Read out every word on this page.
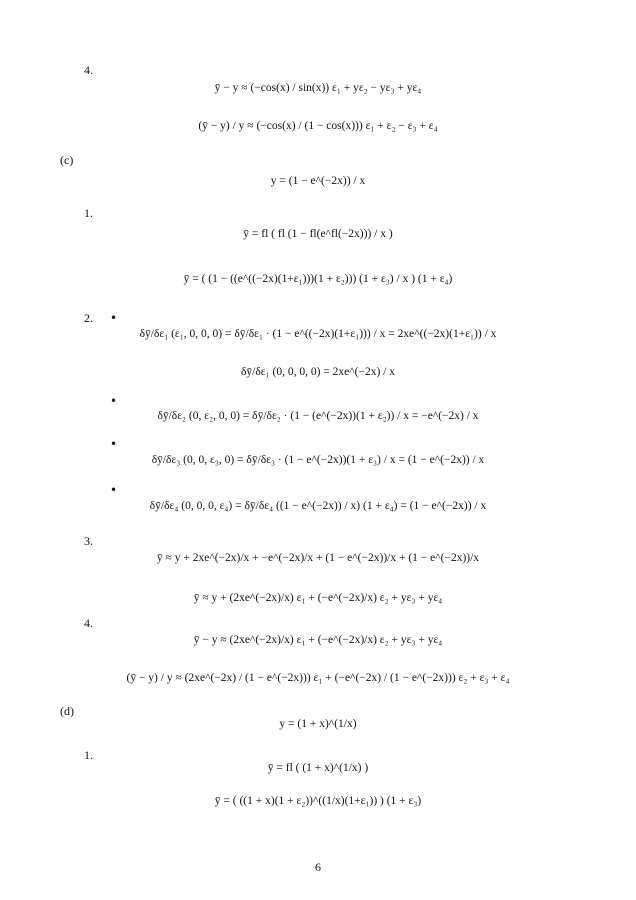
4.
(c)
1.
2.
3.
4.
(d)
1.
•
•
•
•
ȳ − y ≈ (−cos(x) / sin(x)) ε₁ + yε₂ − yε₃ + yε₄
(ȳ − y) / y ≈ (−cos(x) / (1 − cos(x))) ε₁ + ε₂ − ε₃ + ε₄
y = (1 − e^(−2x)) / x
ȳ = fl ( fl (1 − fl(e^fl(−2x))) / x )
ȳ = ( (1 − ((e^((−2x)(1+ε₁)))(1 + ε₂))) (1 + ε₃) / x ) (1 + ε₄)
δȳ/δε₁ (ε₁, 0, 0, 0) = δȳ/δε₁ · (1 − e^((−2x)(1+ε₁))) / x = 2xe^((−2x)(1+ε₁)) / x
δȳ/δε₁ (0, 0, 0, 0) = 2xe^(−2x) / x
δȳ/δε₂ (0, ε₂, 0, 0) = δȳ/δε₂ · (1 − (e^(−2x))(1 + ε₂)) / x = −e^(−2x) / x
δȳ/δε₃ (0, 0, ε₃, 0) = δȳ/δε₃ · (1 − e^(−2x))(1 + ε₃) / x = (1 − e^(−2x)) / x
δȳ/δε₄ (0, 0, 0, ε₄) = δȳ/δε₄ ((1 − e^(−2x)) / x) (1 + ε₄) = (1 − e^(−2x)) / x
ȳ ≈ y + 2xe^(−2x)/x + −e^(−2x)/x + (1 − e^(−2x))/x + (1 − e^(−2x))/x
ȳ ≈ y + (2xe^(−2x)/x) ε₁ + (−e^(−2x)/x) ε₂ + yε₃ + yε₄
ȳ − y ≈ (2xe^(−2x)/x) ε₁ + (−e^(−2x)/x) ε₂ + yε₃ + yε₄
(ȳ − y) / y ≈ (2xe^(−2x) / (1 − e^(−2x))) ε₁ + (−e^(−2x) / (1 − e^(−2x))) ε₂ + ε₃ + ε₄
y = (1 + x)^(1/x)
ȳ = fl ( (1 + x)^(1/x) )
ȳ = ( ((1 + x)(1 + ε₂))^((1/x)(1+ε₁)) ) (1 + ε₃)
6
